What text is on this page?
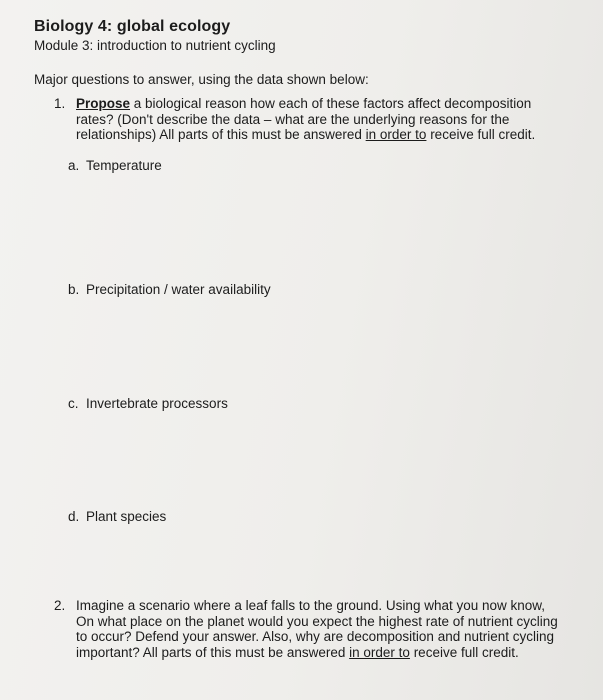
Biology 4: global ecology
Module 3: introduction to nutrient cycling
Major questions to answer, using the data shown below:
1. Propose a biological reason how each of these factors affect decomposition
rates? (Don't describe the data – what are the underlying reasons for the
relationships) All parts of this must be answered in order to receive full credit.
a. Temperature
b. Precipitation / water availability
c. Invertebrate processors
d. Plant species
2. Imagine a scenario where a leaf falls to the ground. Using what you now know,
On what place on the planet would you expect the highest rate of nutrient cycling
to occur? Defend your answer. Also, why are decomposition and nutrient cycling
important? All parts of this must be answered in order to receive full credit.
